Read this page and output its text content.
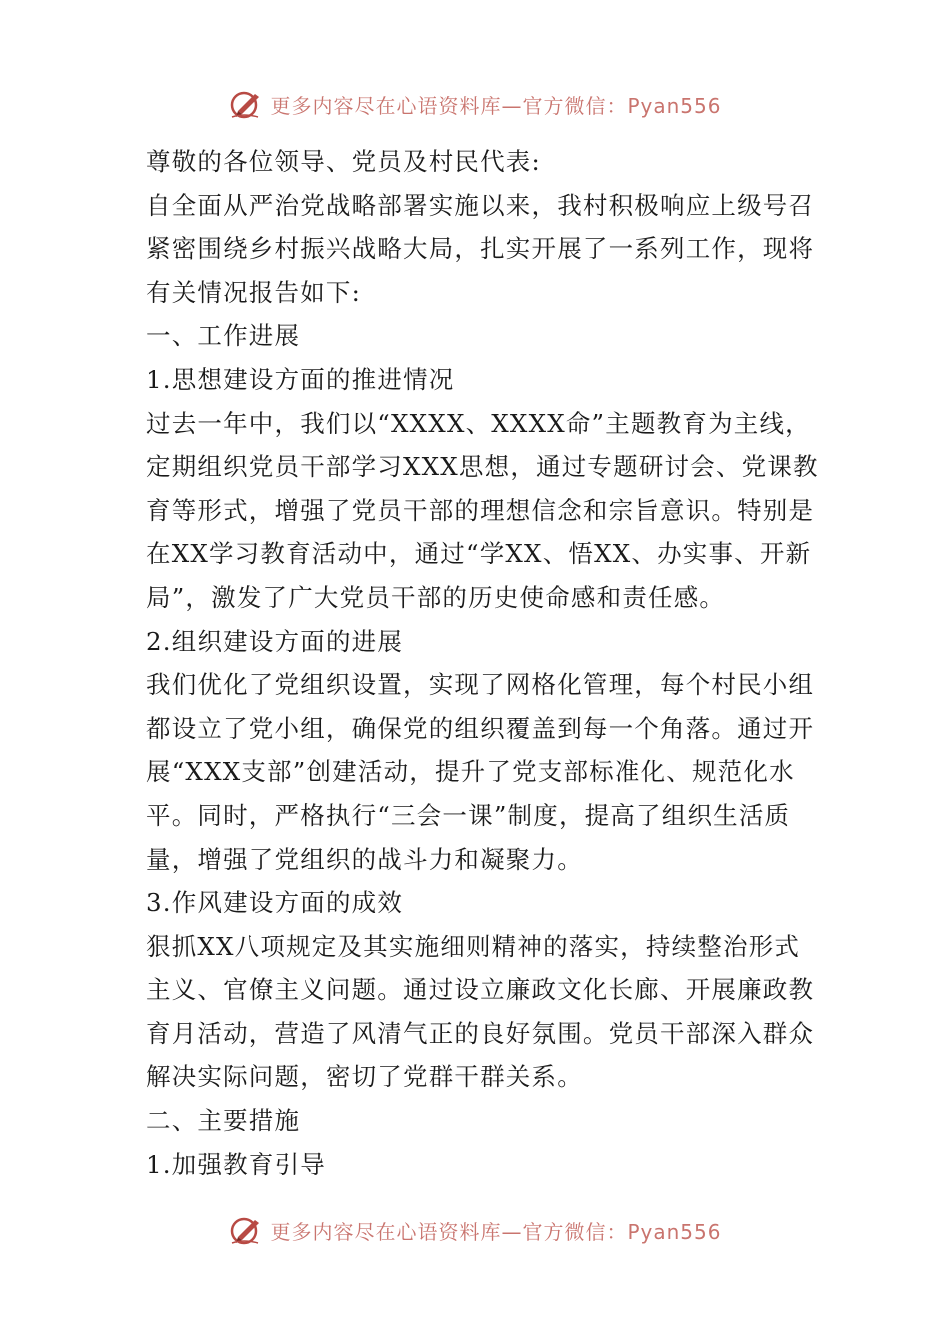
更多内容尽在心语资料库—官方微信：Pyan556
尊敬的各位领导、党员及村民代表:
自全面从严治党战略部署实施以来，我村积极响应上级号召
紧密围绕乡村振兴战略大局，扎实开展了一系列工作，现将
有关情况报告如下:
一、工作进展
1.思想建设方面的推进情况
过去一年中，我们以“XXXX、XXXX命”主题教育为主线，
定期组织党员干部学习XXX思想，通过专题研讨会、党课教
育等形式，增强了党员干部的理想信念和宗旨意识。特别是
在XX学习教育活动中，通过“学XX、悟XX、办实事、开新
局”，激发了广大党员干部的历史使命感和责任感。
2.组织建设方面的进展
我们优化了党组织设置，实现了网格化管理，每个村民小组
都设立了党小组，确保党的组织覆盖到每一个角落。通过开
展“XXX支部”创建活动，提升了党支部标准化、规范化水
平。同时，严格执行“三会一课”制度，提高了组织生活质
量，增强了党组织的战斗力和凝聚力。
3.作风建设方面的成效
狠抓XX八项规定及其实施细则精神的落实，持续整治形式
主义、官僚主义问题。通过设立廉政文化长廊、开展廉政教
育月活动，营造了风清气正的良好氛围。党员干部深入群众
解决实际问题，密切了党群干群关系。
二、主要措施
1.加强教育引导
更多内容尽在心语资料库—官方微信：Pyan556
